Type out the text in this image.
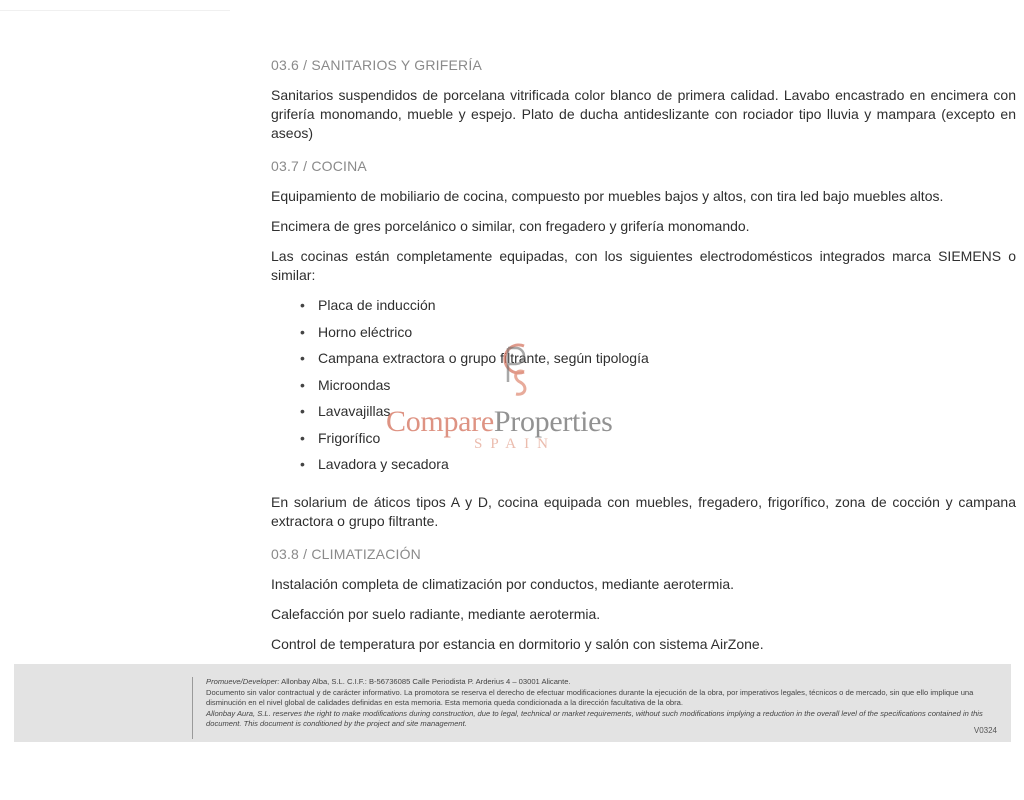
03.6 / SANITARIOS Y GRIFERÍA

Sanitarios suspendidos de porcelana vitrificada color blanco de primera calidad. Lavabo encastrado en encimera con grifería monomando, mueble y espejo. Plato de ducha antideslizante con rociador tipo lluvia y mampara (excepto en aseos)

03.7 / COCINA

Equipamiento de mobiliario de cocina, compuesto por muebles bajos y altos, con tira led bajo muebles altos.

Encimera de gres porcelánico o similar, con fregadero y grifería monomando.

Las cocinas están completamente equipadas, con los siguientes electrodomésticos integrados marca SIEMENS o similar:

• Placa de inducción
• Horno eléctrico
• Campana extractora o grupo filtrante, según tipología
• Microondas
• Lavavajillas
• Frigorífico
• Lavadora y secadora

En solarium de áticos tipos A y D, cocina equipada con muebles, fregadero, frigorífico, zona de cocción y campana extractora o grupo filtrante.

03.8 / CLIMATIZACIÓN

Instalación completa de climatización por conductos, mediante aerotermia.

Calefacción por suelo radiante, mediante aerotermia.

Control de temperatura por estancia en dormitorio y salón con sistema AirZone.

CompareProperties
SPAIN

Promueve/Developer: Allonbay Alba, S.L. C.I.F.: B-56736085 Calle Periodista P. Arderius 4 – 03001 Alicante.

Documento sin valor contractual y de carácter informativo. La promotora se reserva el derecho de efectuar modificaciones durante la ejecución de la obra, por imperativos legales, técnicos o de mercado, sin que ello implique una disminución en el nivel global de calidades definidas en esta memoria. Esta memoria queda condicionada a la dirección facultativa de la obra.

Allonbay Aura, S.L. reserves the right to make modifications during construction, due to legal, technical or market requirements, without such modifications implying a reduction in the overall level of the specifications contained in this document. This document is conditioned by the project and site management.

V0324
